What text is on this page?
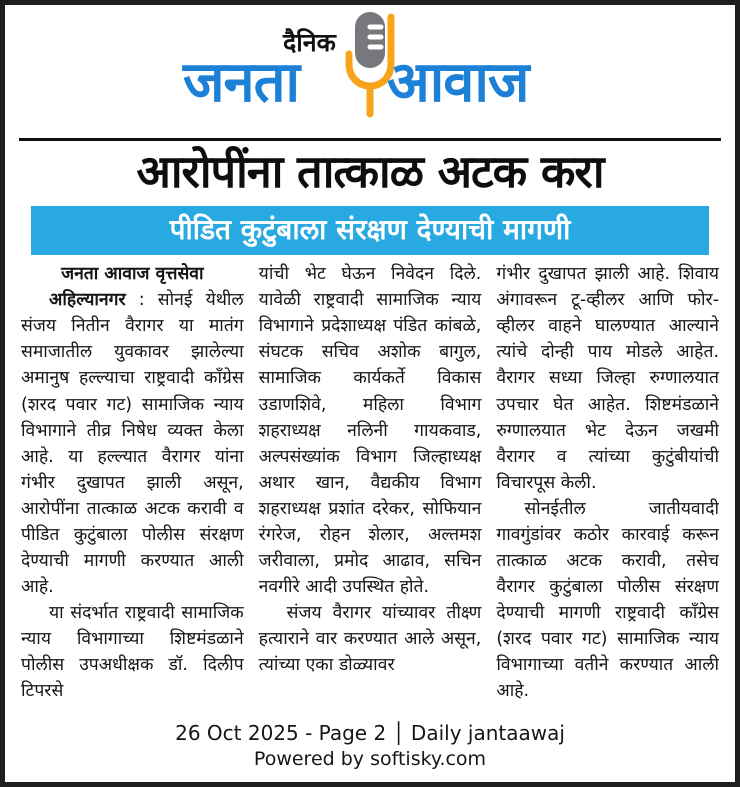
दैनिक
जनता आवाज
आरोपींना तात्काळ अटक करा
पीडित कुटुंबाला संरक्षण देण्याची मागणी

जनता आवाज वृत्तसेवा

अहिल्यानगर : सोनई येथील संजय नितीन वैरागर या मातंग समाजातील युवकावर झालेल्या अमानुष हल्ल्याचा राष्ट्रवादी काँग्रेस (शरद पवार गट) सामाजिक न्याय विभागाने तीव्र निषेध व्यक्त केला आहे. या हल्ल्यात वैरागर यांना गंभीर दुखापत झाली असून, आरोपींना तात्काळ अटक करावी व पीडित कुटुंबाला पोलीस संरक्षण देण्याची मागणी करण्यात आली आहे.

या संदर्भात राष्ट्रवादी सामाजिक न्याय विभागाच्या शिष्टमंडळाने पोलीस उपअधीक्षक डॉ. दिलीप टिपरसे

यांची भेट घेऊन निवेदन दिले. यावेळी राष्ट्रवादी सामाजिक न्याय विभागाने प्रदेशाध्यक्ष पंडित कांबळे, संघटक सचिव अशोक बागुल, सामाजिक कार्यकर्ते विकास उडाणशिवे, महिला विभाग शहराध्यक्ष नलिनी गायकवाड, अल्पसंख्यांक विभाग जिल्हाध्यक्ष अथार खान, वैद्यकीय विभाग शहराध्यक्ष प्रशांत दरेकर, सोफियान रंगरेज, रोहन शेलार, अल्तमश जरीवाला, प्रमोद आढाव, सचिन नवगीरे आदी उपस्थित होते.

संजय वैरागर यांच्यावर तीक्ष्ण हत्याराने वार करण्यात आले असून, त्यांच्या एका डोळ्यावर

गंभीर दुखापत झाली आहे. शिवाय अंगावरून टू-व्हीलर आणि फोर-व्हीलर वाहने घालण्यात आल्याने त्यांचे दोन्ही पाय मोडले आहेत. वैरागर सध्या जिल्हा रुग्णालयात उपचार घेत आहेत. शिष्टमंडळाने रुग्णालयात भेट देऊन जखमी वैरागर व त्यांच्या कुटुंबीयांची विचारपूस केली.

सोनईतील जातीयवादी गावगुंडांवर कठोर कारवाई करून तात्काळ अटक करावी, तसेच वैरागर कुटुंबाला पोलीस संरक्षण देण्याची मागणी राष्ट्रवादी काँग्रेस (शरद पवार गट) सामाजिक न्याय विभागाच्या वतीने करण्यात आली आहे.

26 Oct 2025 - Page 2 │ Daily jantaawaj
Powered by softisky.com
